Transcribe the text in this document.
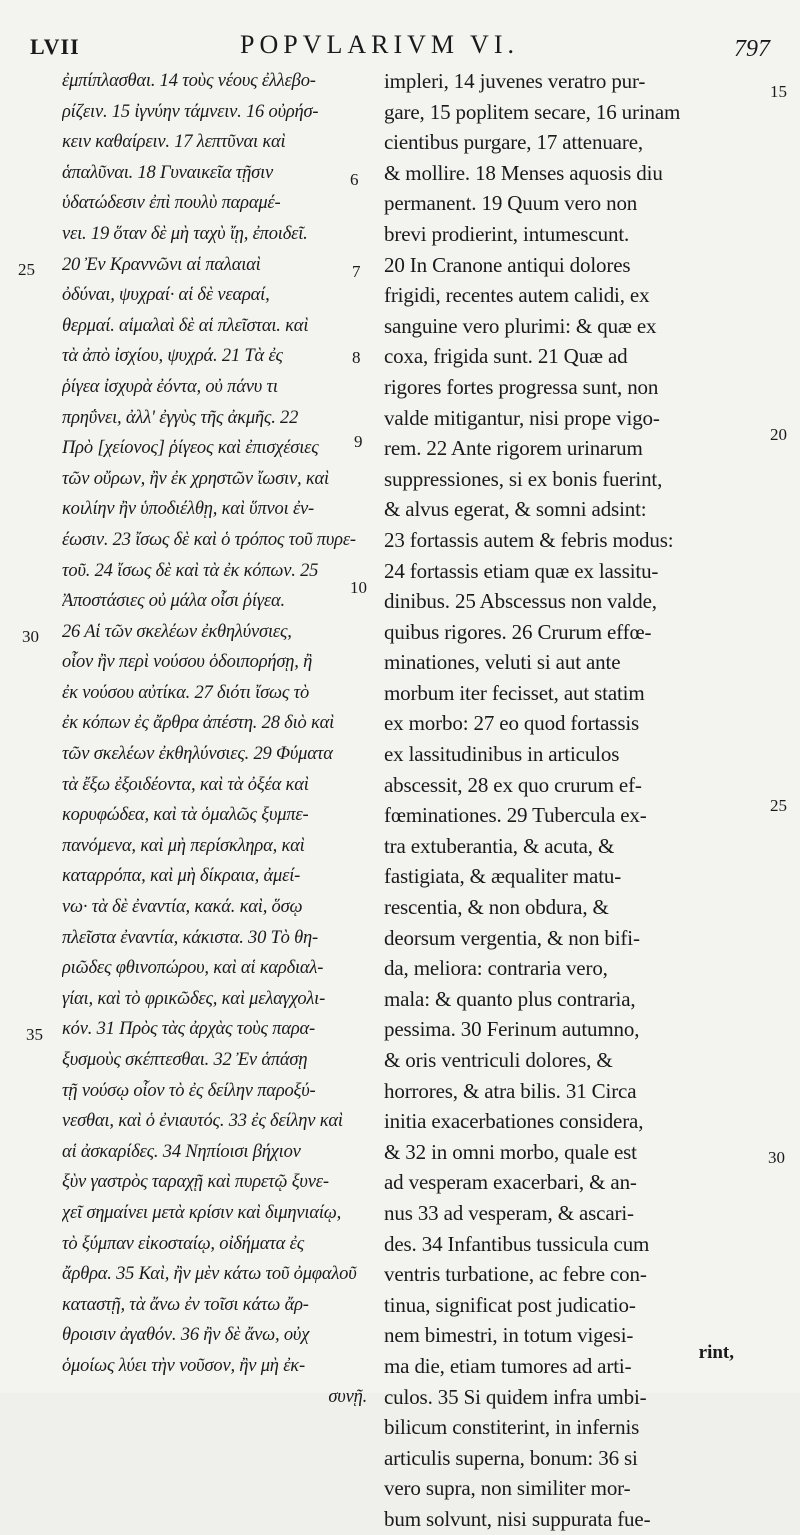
LVII	POPVLARIVM VI.	797
ἐμπίπλασθαι. 14 τοὺς νέους ἐλλεβο-
ρίζειν. 15 ἰγνύην τάμνειν. 16 οὐρήσ-
κειν καθαίρειν. 17 λεπτῦναι καὶ
ἁπαλῦναι. 18 Γυναικεῖα τῇσιν
ὑδατώδεσιν ἐπὶ πουλὺ παραμέ-
νει. 19 ὅταν δὲ μὴ ταχὺ ἴῃ, ἐποιδεῖ.
20 Ἐν Κραννῶνι αἱ παλαιαὶ
ὀδύναι, ψυχραί· αἱ δὲ νεαραί,
θερμαί. αἱμαλαὶ δὲ αἱ πλεῖσται. καὶ
τὰ ἀπὸ ἰσχίου, ψυχρά. 21 Τὰ ἐς
ῥίγεα ἰσχυρὰ ἐόντα, οὐ πάνυ τι
πρηΰνει, ἀλλ' ἐγγὺς τῆς ἀκμῆς. 22
Πρὸ [χείονος] ῥίγεος καὶ ἐπισχέσιες
τῶν οὔρων, ἢν ἐκ χρηστῶν ἴωσιν, καὶ
κοιλίην ἢν ὑποδιέλθῃ, καὶ ὕπνοι ἐν-
έωσιν. 23 ἴσως δὲ καὶ ὁ τρόπος τοῦ πυρε-
τοῦ. 24 ἴσως δὲ καὶ τὰ ἐκ κόπων. 25
Ἀποστάσιες οὐ μάλα οἷσι ῥίγεα.
26 Αἱ τῶν σκελέων ἐκθηλύνσιες,
οἷον ἢν περὶ νούσου ὁδοιπορήσῃ, ἢ
ἐκ νούσου αὐτίκα. 27 διότι ἴσως τὸ
ἐκ κόπων ἐς ἄρθρα ἀπέστη. 28 διὸ καὶ
τῶν σκελέων ἐκθηλύνσιες. 29 Φύματα
τὰ ἔξω ἐξοιδέοντα, καὶ τὰ ὀξέα καὶ
κορυφώδεα, καὶ τὰ ὁμαλῶς ξυμπε-
πανόμενα, καὶ μὴ περίσκληρα, καὶ
καταρρόπα, καὶ μὴ δίκραια, ἀμεί-
νω· τὰ δὲ ἐναντία, κακά. καὶ, ὅσῳ
πλεῖστα ἐναντία, κάκιστα. 30 Τὸ θη-
ριῶδες φθινοπώρου, καὶ αἱ καρδιαλ-
γίαι, καὶ τὸ φρικῶδες, καὶ μελαγχολι-
κόν. 31 Πρὸς τὰς ἀρχὰς τοὺς παρα-
ξυσμοὺς σκέπτεσθαι. 32 Ἐν ἁπάσῃ
τῇ νούσῳ οἷον τὸ ἐς δείλην παροξύ-
νεσθαι, καὶ ὁ ἐνιαυτός. 33 ἐς δείλην καὶ
αἱ ἀσκαρίδες. 34 Νηπίοισι βήχιον
ξὺν γαστρὸς ταραχῇ καὶ πυρετῷ ξυνε-
χεῖ σημαίνει μετὰ κρίσιν καὶ διμηνιαίῳ,
τὸ ξύμπαν εἰκοσταίῳ, οἰδήματα ἐς
ἄρθρα. 35 Καὶ, ἢν μὲν κάτω τοῦ ὀμφαλοῦ
καταστῇ, τὰ ἄνω ἐν τοῖσι κάτω ἄρ-
θροισιν ἀγαθόν. 36 ἢν δὲ ἄνω, οὐχ
ὁμοίως λύει τὴν νοῦσον, ἢν μὴ ἐκ-
συνῇ.
impleri, 14 juvenes veratro pur-
gare, 15 poplitem secare, 16 urinam
cientibus purgare, 17 attenuare,
& mollire. 18 Menses aquosis diu
permanent. 19 Quum vero non
brevi prodierint, intumescunt.
20 In Cranone antiqui dolores
frigidi, recentes autem calidi, ex
sanguine vero plurimi: & quæ ex
coxa, frigida sunt. 21 Quæ ad
rigores fortes progressa sunt, non
valde mitigantur, nisi prope vigo-
rem. 22 Ante rigorem urinarum
suppressiones, si ex bonis fuerint,
& alvus egerat, & somni adsint:
23 fortassis autem & febris modus:
24 fortassis etiam quæ ex lassitu-
dinibus. 25 Abscessus non valde,
quibus rigores. 26 Crurum effœ-
minationes, veluti si aut ante
morbum iter fecisset, aut statim
ex morbo: 27 eo quod fortassis
ex lassitudinibus in articulos
abscessit, 28 ex quo crurum ef-
fœminationes. 29 Tubercula ex-
tra extuberantia, & acuta, &
fastigiata, & æqualiter matu-
rescentia, & non obdura, &
deorsum vergentia, & non bifi-
da, meliora: contraria vero,
mala: & quanto plus contraria,
pessima. 30 Ferinum autumno,
& oris ventriculi dolores, &
horrores, & atra bilis. 31 Circa
initia exacerbationes considera,
& 32 in omni morbo, quale est
ad vesperam exacerbari, & an-
nus 33 ad vesperam, & ascari-
des. 34 Infantibus tussicula cum
ventris turbatione, ac febre con-
tinua, significat post judicatio-
nem bimestri, in totum vigesi-
ma die, etiam tumores ad arti-
culos. 35 Si quidem infra umbi-
bilicum constiterint, in infernis
articulis superna, bonum: 36 si
vero supra, non similiter mor-
bum solvunt, nisi suppurata fue-
25
30
35
6
7
8
9
10
15
20
25
30
rint,
